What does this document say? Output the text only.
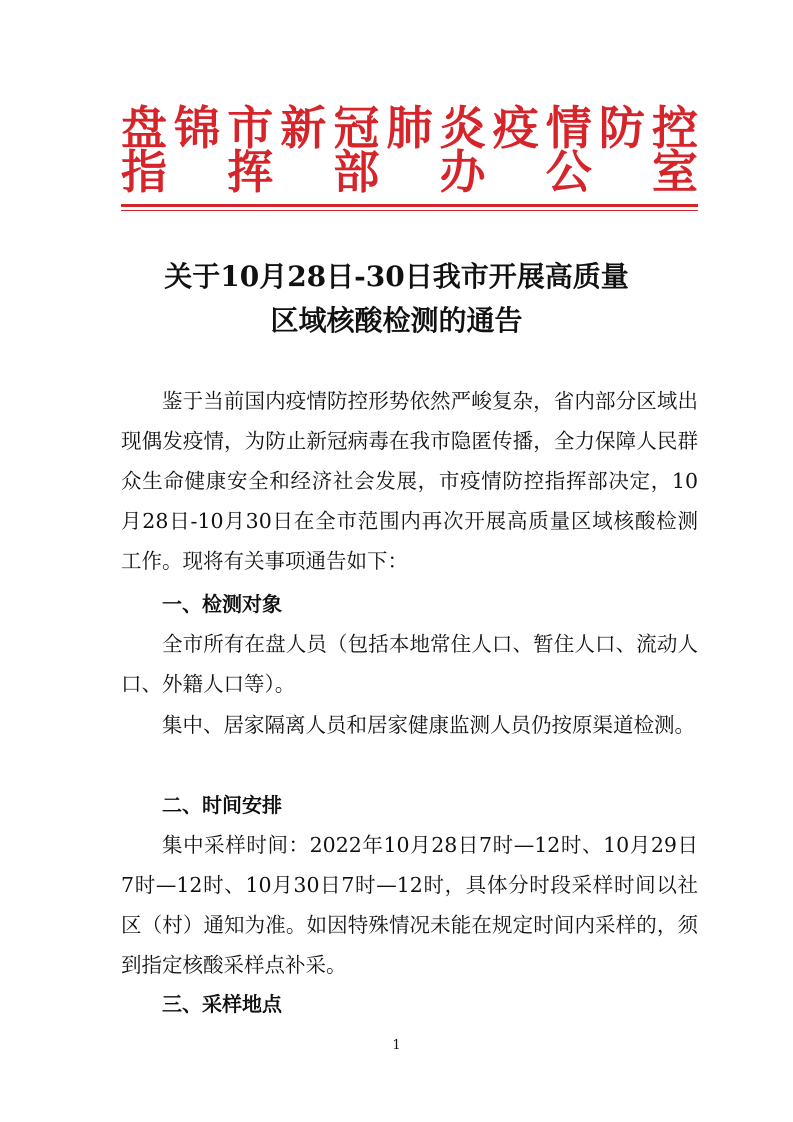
盘 锦 市 新 冠 肺 炎 疫 情 防 控
指 挥 部 办 公 室
关于10月28日-30日我市开展高质量
区域核酸检测的通告

鉴于当前国内疫情防控形势依然严峻复杂，省内部分区域出现偶发疫情，为防止新冠病毒在我市隐匿传播，全力保障人民群众生命健康安全和经济社会发展，市疫情防控指挥部决定，10月28日-10月30日在全市范围内再次开展高质量区域核酸检测工作。现将有关事项通告如下：

一、检测对象

全市所有在盘人员（包括本地常住人口、暂住人口、流动人口、外籍人口等）。

集中、居家隔离人员和居家健康监测人员仍按原渠道检测。

二、时间安排

集中采样时间：2022年10月28日7时—12时、10月29日7时—12时、10月30日7时—12时，具体分时段采样时间以社区（村）通知为准。如因特殊情况未能在规定时间内采样的，须到指定核酸采样点补采。

三、采样地点
1
